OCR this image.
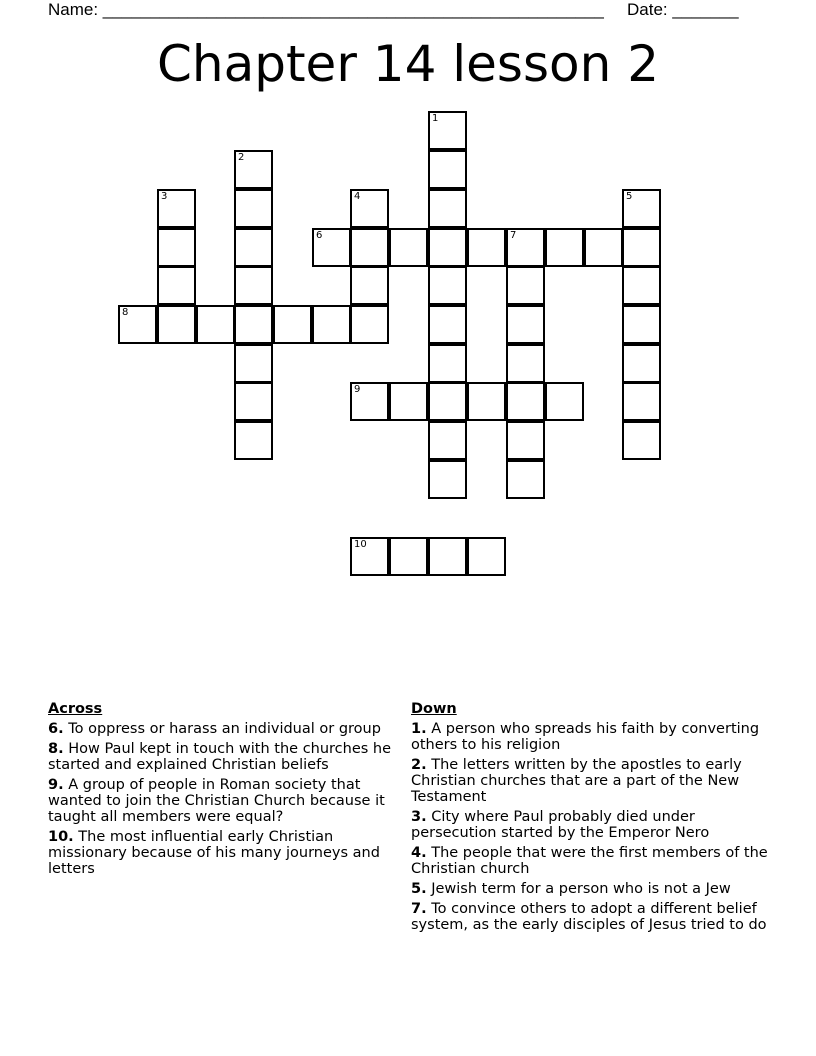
Name: _____________________________________________________ Date: _______
Chapter 14 lesson 2
1
2
3	4	5
6	7
8
9
10
Across
6. To oppress or harass an individual or group
8. How Paul kept in touch with the churches he started and explained Christian beliefs
9. A group of people in Roman society that wanted to join the Christian Church because it taught all members were equal?
10. The most influential early Christian missionary because of his many journeys and letters
Down
1. A person who spreads his faith by converting others to his religion
2. The letters written by the apostles to early Christian churches that are a part of the New Testament
3. City where Paul probably died under persecution started by the Emperor Nero
4. The people that were the first members of the Christian church
5. Jewish term for a person who is not a Jew
7. To convince others to adopt a different belief system, as the early disciples of Jesus tried to do
